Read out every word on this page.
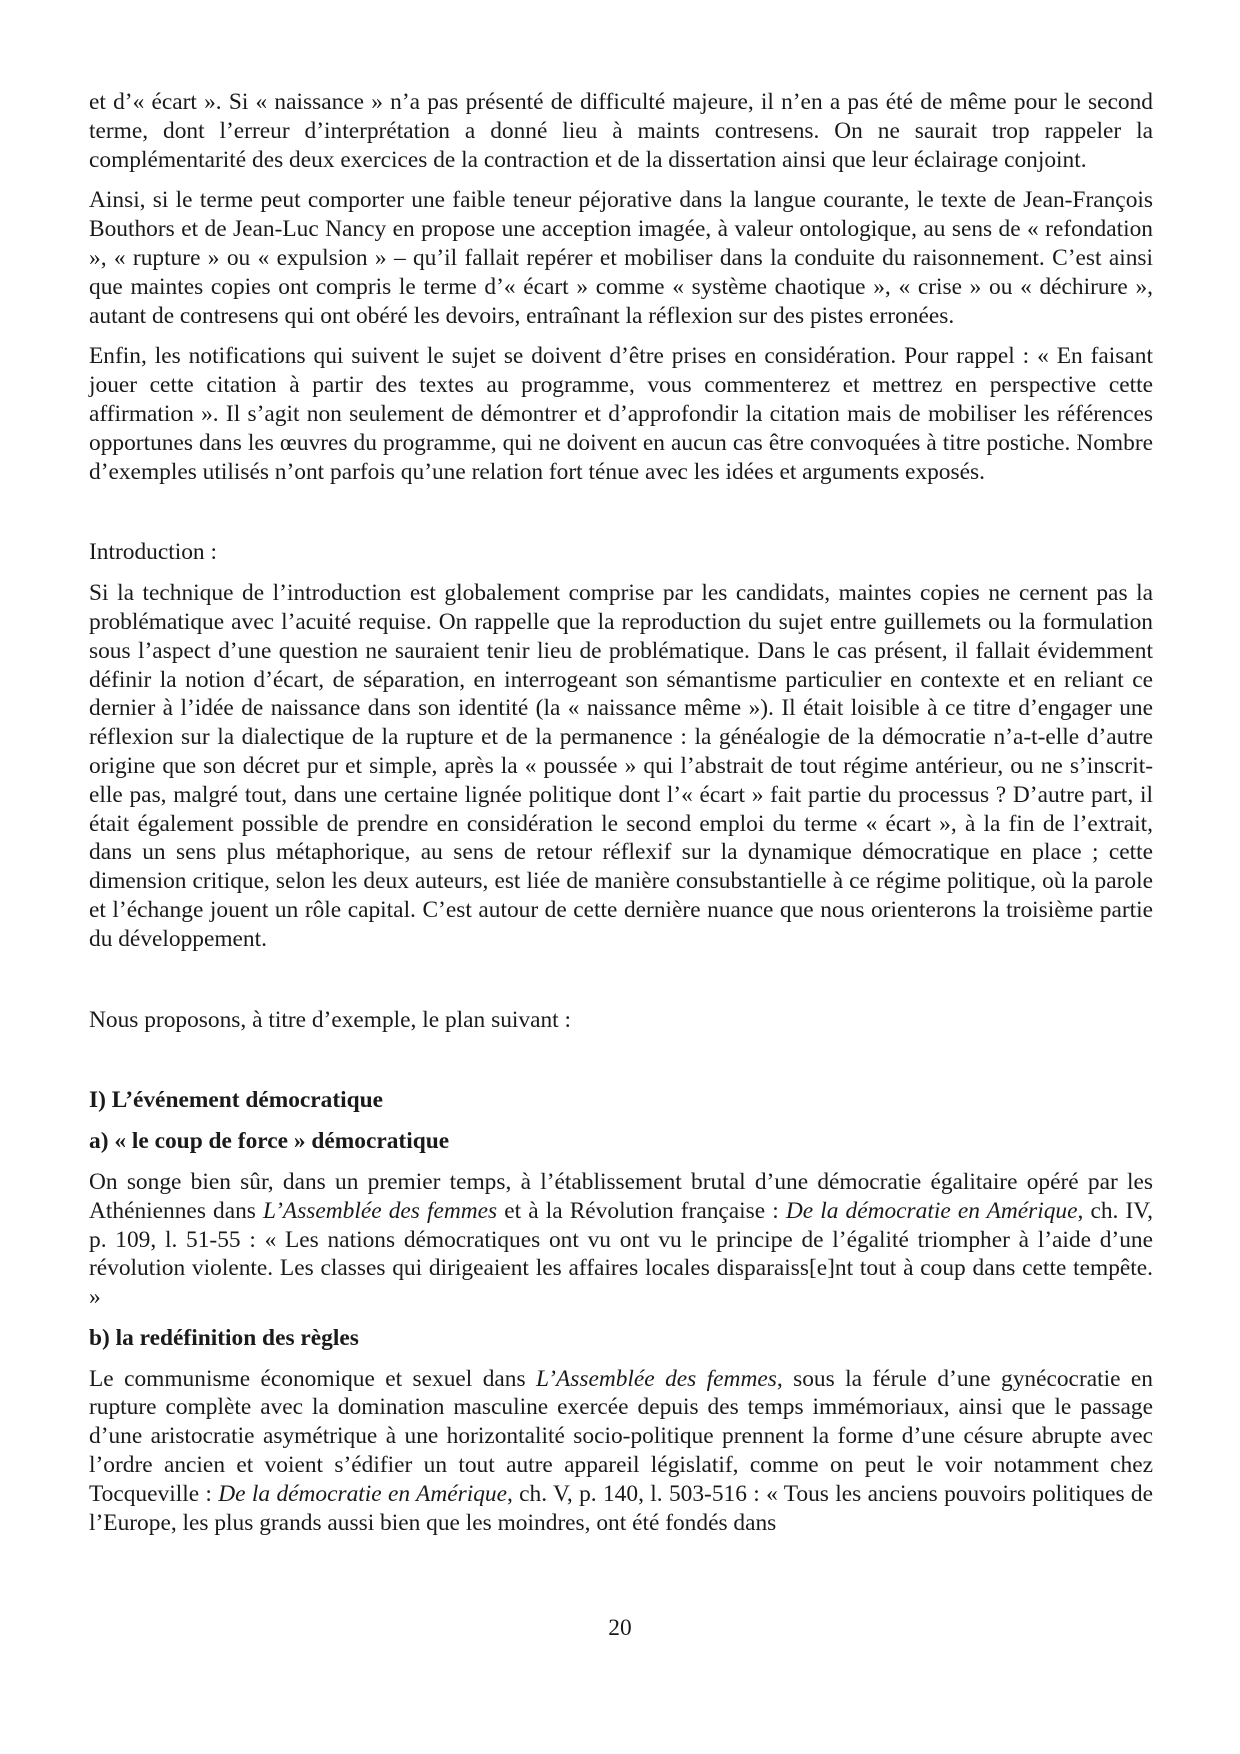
et d’« écart ». Si « naissance » n’a pas présenté de difficulté majeure, il n’en a pas été de même pour le second terme, dont l’erreur d’interprétation a donné lieu à maints contresens. On ne saurait trop rappeler la complémentarité des deux exercices de la contraction et de la dissertation ainsi que leur éclairage conjoint.

Ainsi, si le terme peut comporter une faible teneur péjorative dans la langue courante, le texte de Jean-François Bouthors et de Jean-Luc Nancy en propose une acception imagée, à valeur ontologique, au sens de « refondation », « rupture » ou « expulsion » – qu’il fallait repérer et mobiliser dans la conduite du raisonnement. C’est ainsi que maintes copies ont compris le terme d’« écart » comme « système chaotique », « crise » ou « déchirure », autant de contresens qui ont obéré les devoirs, entraînant la réflexion sur des pistes erronées.

Enfin, les notifications qui suivent le sujet se doivent d’être prises en considération. Pour rappel : « En faisant jouer cette citation à partir des textes au programme, vous commenterez et mettrez en perspective cette affirmation ». Il s’agit non seulement de démontrer et d’approfondir la citation mais de mobiliser les références opportunes dans les œuvres du programme, qui ne doivent en aucun cas être convoquées à titre postiche. Nombre d’exemples utilisés n’ont parfois qu’une relation fort ténue avec les idées et arguments exposés.

Introduction :

Si la technique de l’introduction est globalement comprise par les candidats, maintes copies ne cernent pas la problématique avec l’acuité requise. On rappelle que la reproduction du sujet entre guillemets ou la formulation sous l’aspect d’une question ne sauraient tenir lieu de problématique. Dans le cas présent, il fallait évidemment définir la notion d’écart, de séparation, en interrogeant son sémantisme particulier en contexte et en reliant ce dernier à l’idée de naissance dans son identité (la « naissance même »). Il était loisible à ce titre d’engager une réflexion sur la dialectique de la rupture et de la permanence : la généalogie de la démocratie n’a-t-elle d’autre origine que son décret pur et simple, après la « poussée » qui l’abstrait de tout régime antérieur, ou ne s’inscrit-elle pas, malgré tout, dans une certaine lignée politique dont l’« écart » fait partie du processus ? D’autre part, il était également possible de prendre en considération le second emploi du terme « écart », à la fin de l’extrait, dans un sens plus métaphorique, au sens de retour réflexif sur la dynamique démocratique en place ; cette dimension critique, selon les deux auteurs, est liée de manière consubstantielle à ce régime politique, où la parole et l’échange jouent un rôle capital. C’est autour de cette dernière nuance que nous orienterons la troisième partie du développement.

Nous proposons, à titre d’exemple, le plan suivant :

I) L’événement démocratique
a) « le coup de force » démocratique

On songe bien sûr, dans un premier temps, à l’établissement brutal d’une démocratie égalitaire opéré par les Athéniennes dans L’Assemblée des femmes et à la Révolution française : De la démocratie en Amérique, ch. IV, p. 109, l. 51-55 : « Les nations démocratiques ont vu ont vu le principe de l’égalité triompher à l’aide d’une révolution violente. Les classes qui dirigeaient les affaires locales disparaiss[e]nt tout à coup dans cette tempête. »

b) la redéfinition des règles

Le communisme économique et sexuel dans L’Assemblée des femmes, sous la férule d’une gynécocratie en rupture complète avec la domination masculine exercée depuis des temps immémoriaux, ainsi que le passage d’une aristocratie asymétrique à une horizontalité socio-politique prennent la forme d’une césure abrupte avec l’ordre ancien et voient s’édifier un tout autre appareil législatif, comme on peut le voir notamment chez Tocqueville : De la démocratie en Amérique, ch. V, p. 140, l. 503-516 : « Tous les anciens pouvoirs politiques de l’Europe, les plus grands aussi bien que les moindres, ont été fondés dans

20
